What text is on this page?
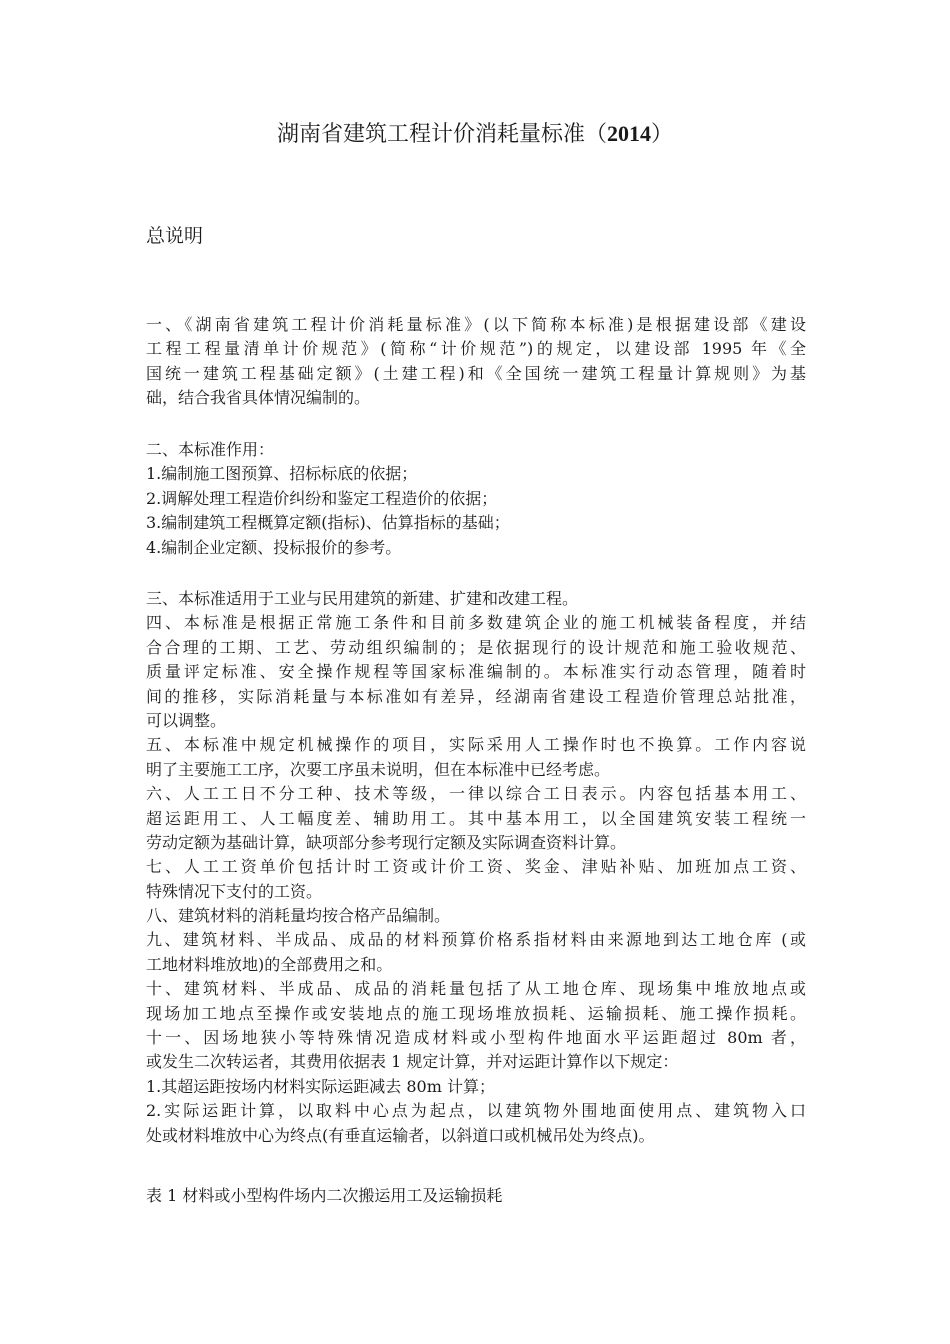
湖南省建筑工程计价消耗量标准（2014）
总说明
一、《湖南省建筑工程计价消耗量标准》(以下简称本标准)是根据建设部《建设
工程工程量清单计价规范》(简称“计价规范”)的规定，以建设部 1995 年《全
国统一建筑工程基础定额》(土建工程)和《全国统一建筑工程量计算规则》为基
础，结合我省具体情况编制的。
二、本标准作用：
1.编制施工图预算、招标标底的依据；
2.调解处理工程造价纠纷和鉴定工程造价的依据；
3.编制建筑工程概算定额(指标)、估算指标的基础；
4.编制企业定额、投标报价的参考。
三、本标准适用于工业与民用建筑的新建、扩建和改建工程。
四、本标准是根据正常施工条件和目前多数建筑企业的施工机械装备程度，并结
合合理的工期、工艺、劳动组织编制的；是依据现行的设计规范和施工验收规范、
质量评定标准、安全操作规程等国家标准编制的。本标准实行动态管理，随着时
间的推移，实际消耗量与本标准如有差异，经湖南省建设工程造价管理总站批准，
可以调整。
五、本标准中规定机械操作的项目，实际采用人工操作时也不换算。工作内容说
明了主要施工工序，次要工序虽未说明，但在本标准中已经考虑。
六、人工工日不分工种、技术等级，一律以综合工日表示。内容包括基本用工、
超运距用工、人工幅度差、辅助用工。其中基本用工，以全国建筑安装工程统一
劳动定额为基础计算，缺项部分参考现行定额及实际调查资料计算。
七、人工工资单价包括计时工资或计价工资、奖金、津贴补贴、加班加点工资、
特殊情况下支付的工资。
八、建筑材料的消耗量均按合格产品编制。
九、建筑材料、半成品、成品的材料预算价格系指材料由来源地到达工地仓库 (或
工地材料堆放地)的全部费用之和。
十、建筑材料、半成品、成品的消耗量包括了从工地仓库、现场集中堆放地点或
现场加工地点至操作或安装地点的施工现场堆放损耗、运输损耗、施工操作损耗。
十一、因场地狭小等特殊情况造成材料或小型构件地面水平运距超过 80m 者，
或发生二次转运者，其费用依据表 1 规定计算，并对运距计算作以下规定：
1.其超运距按场内材料实际运距减去 80m 计算；
2.实际运距计算，以取料中心点为起点，以建筑物外围地面使用点、建筑物入口
处或材料堆放中心为终点(有垂直运输者，以斜道口或机械吊处为终点)。
表 1 材料或小型构件场内二次搬运用工及运输损耗
